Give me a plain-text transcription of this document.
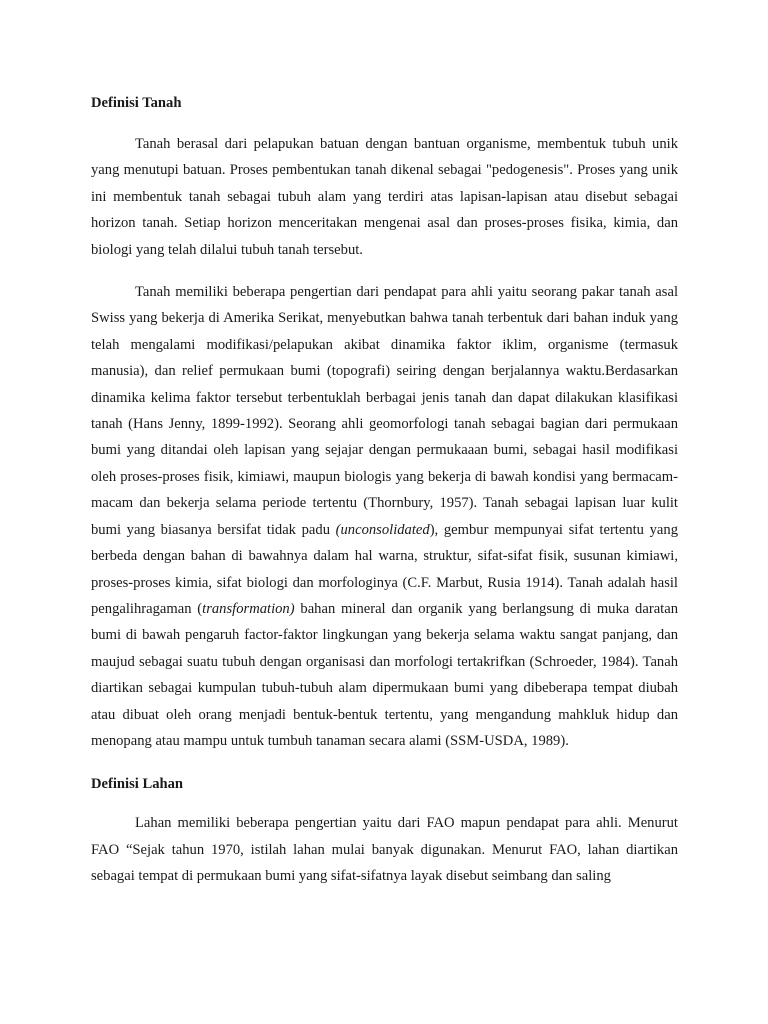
Definisi Tanah

Tanah berasal dari pelapukan batuan dengan bantuan organisme, membentuk tubuh unik yang menutupi batuan. Proses pembentukan tanah dikenal sebagai "pedogenesis". Proses yang unik ini membentuk tanah sebagai tubuh alam yang terdiri atas lapisan-lapisan atau disebut sebagai horizon tanah. Setiap horizon menceritakan mengenai asal dan proses-proses fisika, kimia, dan biologi yang telah dilalui tubuh tanah tersebut.

Tanah memiliki beberapa pengertian dari pendapat para ahli yaitu seorang pakar tanah asal Swiss yang bekerja di Amerika Serikat, menyebutkan bahwa tanah terbentuk dari bahan induk yang telah mengalami modifikasi/pelapukan akibat dinamika faktor iklim, organisme (termasuk manusia), dan relief permukaan bumi (topografi) seiring dengan berjalannya waktu.Berdasarkan dinamika kelima faktor tersebut terbentuklah berbagai jenis tanah dan dapat dilakukan klasifikasi tanah (Hans Jenny, 1899-1992). Seorang ahli geomorfologi tanah sebagai bagian dari permukaan bumi yang ditandai oleh lapisan yang sejajar dengan permukaaan bumi, sebagai hasil modifikasi oleh proses-proses fisik, kimiawi, maupun biologis yang bekerja di bawah kondisi yang bermacam-macam dan bekerja selama periode tertentu (Thornbury, 1957). Tanah sebagai lapisan luar kulit bumi yang biasanya bersifat tidak padu (unconsolidated), gembur mempunyai sifat tertentu yang berbeda dengan bahan di bawahnya dalam hal warna, struktur, sifat-sifat fisik, susunan kimiawi, proses-proses kimia, sifat biologi dan morfologinya (C.F. Marbut, Rusia 1914). Tanah adalah hasil pengalihragaman (transformation) bahan mineral dan organik yang berlangsung di muka daratan bumi di bawah pengaruh factor-faktor lingkungan yang bekerja selama waktu sangat panjang, dan maujud sebagai suatu tubuh dengan organisasi dan morfologi tertakrifkan (Schroeder, 1984). Tanah diartikan sebagai kumpulan tubuh-tubuh alam dipermukaan bumi yang dibeberapa tempat diubah atau dibuat oleh orang menjadi bentuk-bentuk tertentu, yang mengandung mahkluk hidup dan menopang atau mampu untuk tumbuh tanaman secara alami (SSM-USDA, 1989).

Definisi Lahan

Lahan memiliki beberapa pengertian yaitu dari FAO mapun pendapat para ahli. Menurut FAO “Sejak tahun 1970, istilah lahan mulai banyak digunakan. Menurut FAO, lahan diartikan sebagai tempat di permukaan bumi yang sifat-sifatnya layak disebut seimbang dan saling
